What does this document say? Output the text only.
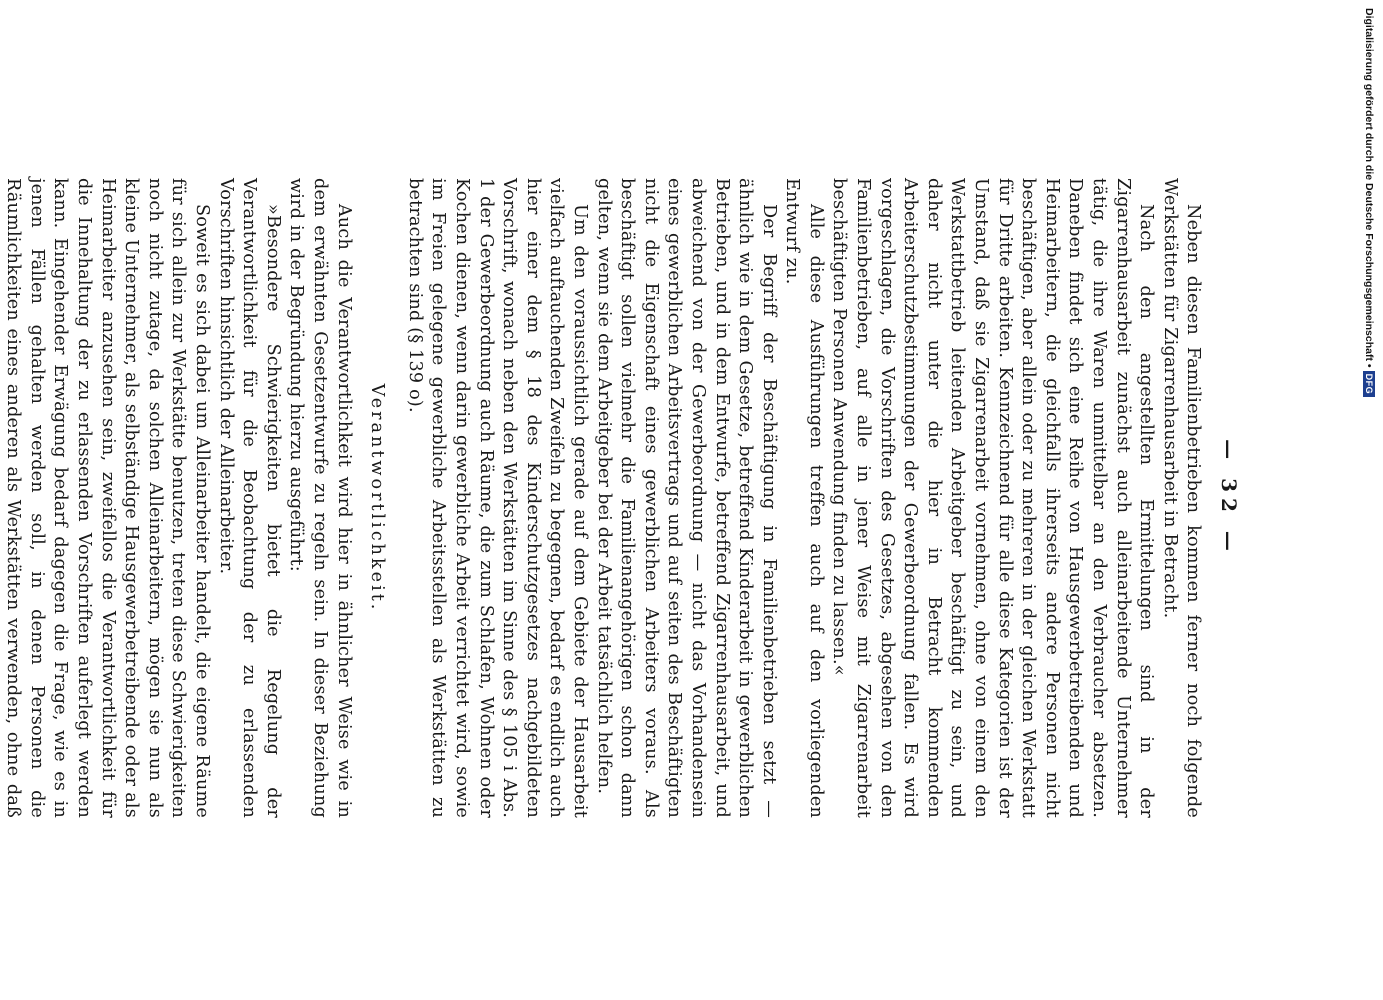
— 32 —

Neben diesen Familienbetrieben kommen ferner noch folgende Werkstätten für Zigarrenhausarbeit in Betracht.

Nach den angestellten Ermittelungen sind in der Zigarrenhausarbeit zunächst auch alleinarbeitende Unternehmer tätig, die ihre Waren unmittelbar an den Verbraucher absetzen. Daneben findet sich eine Reihe von Hausgewerbetreibenden und Heimarbeitern, die gleichfalls ihrerseits andere Personen nicht beschäftigen, aber allein oder zu mehreren in der gleichen Werkstatt für Dritte arbeiten. Kennzeichnend für alle diese Kategorien ist der Umstand, daß sie Zigarrenarbeit vornehmen, ohne von einem den Werkstattbetrieb leitenden Arbeitgeber beschäftigt zu sein, und daher nicht unter die hier in Betracht kommenden Arbeiterschutzbestimmungen der Gewerbeordnung fallen. Es wird vorgeschlagen, die Vorschriften des Gesetzes, abgesehen von den Familienbetrieben, auf alle in jener Weise mit Zigarrenarbeit beschäftigten Personen Anwendung finden zu lassen.«

Alle diese Ausführungen treffen auch auf den vorliegenden Entwurf zu.

Der Begriff der Beschäftigung in Familienbetrieben setzt — ähnlich wie in dem Gesetze, betreffend Kinderarbeit in gewerblichen Betrieben, und in dem Entwurfe, betreffend Zigarrenhausarbeit, und abweichend von der Gewerbeordnung — nicht das Vorhandensein eines gewerblichen Arbeitsvertrags und auf seiten des Beschäftigten nicht die Eigenschaft eines gewerblichen Arbeiters voraus. Als beschäftigt sollen vielmehr die Familienangehörigen schon dann gelten, wenn sie dem Arbeitgeber bei der Arbeit tatsächlich helfen.

Um den voraussichtlich gerade auf dem Gebiete der Hausarbeit vielfach auftauchenden Zweifeln zu begegnen, bedarf es endlich auch hier einer dem § 18 des Kinderschutzgesetzes nachgebildeten Vorschrift, wonach neben den Werkstätten im Sinne des § 105 i Abs. 1 der Gewerbeordnung auch Räume, die zum Schlafen, Wohnen oder Kochen dienen, wenn darin gewerbliche Arbeit verrichtet wird, sowie im Freien gelegene gewerbliche Arbeitsstellen als Werkstätten zu betrachten sind (§ 139 o).

Verantwortlichkeit.

Auch die Verantwortlichkeit wird hier in ähnlicher Weise wie in dem erwähnten Gesetzentwurfe zu regeln sein. In dieser Beziehung wird in der Begründung hierzu ausgeführt:

»Besondere Schwierigkeiten bietet die Regelung der Verantwortlichkeit für die Beobachtung der zu erlassenden Vorschriften hinsichtlich der Alleinarbeiter.

Soweit es sich dabei um Alleinarbeiter handelt, die eigene Räume für sich allein zur Werkstätte benutzen, treten diese Schwierigkeiten noch nicht zutage, da solchen Alleinarbeitern, mögen sie nun als kleine Unternehmer, als selbständige Hausgewerbetreibende oder als Heimarbeiter anzusehen sein, zweifellos die Verantwortlichkeit für die Innehaltung der zu erlassenden Vorschriften auferlegt werden kann. Eingehender Erwägung bedarf dagegen die Frage, wie es in jenen Fällen gehalten werden soll, in denen Personen die Räumlichkeiten eines anderen als Werkstätten verwenden, ohne daß

Digitalisierung gefördert durch die Deutsche Forschungsgemeinschaft •
DFG
